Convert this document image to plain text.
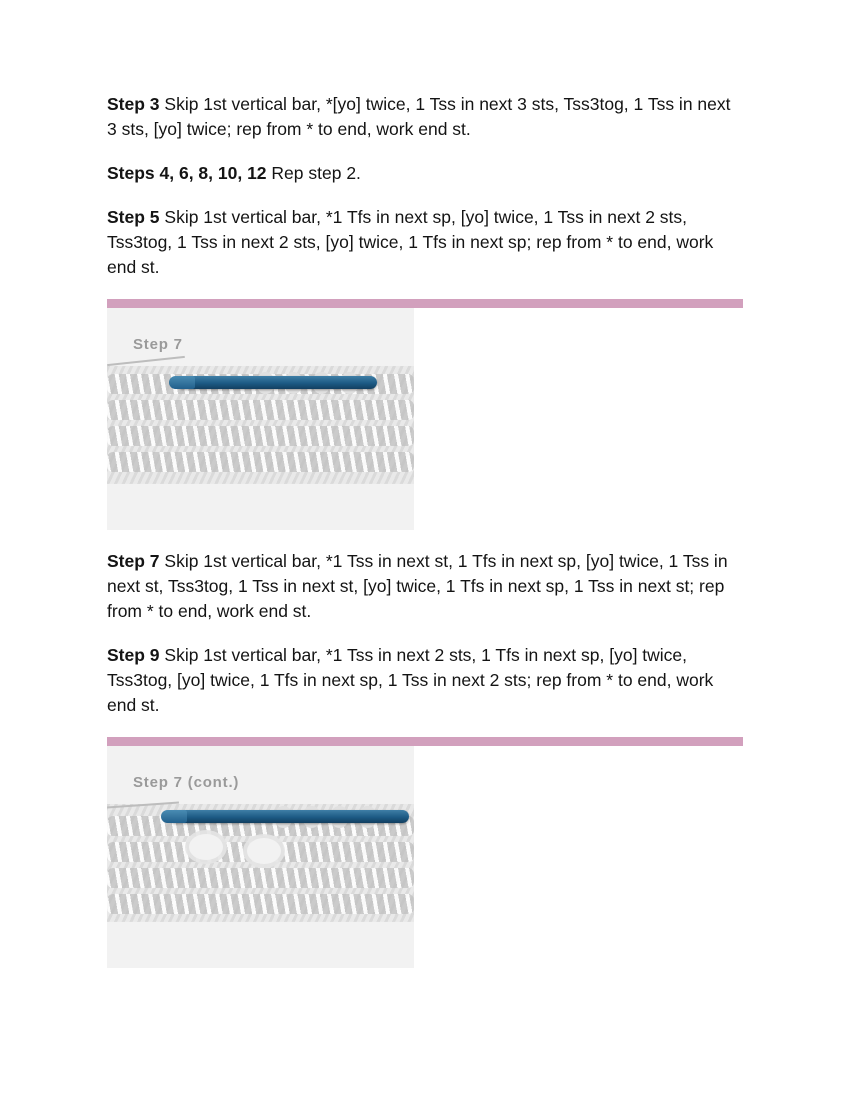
Step 3 Skip 1st vertical bar, *[yo] twice, 1 Tss in next 3 sts, Tss3tog, 1 Tss in next 3 sts, [yo] twice; rep from * to end, work end st.

Steps 4, 6, 8, 10, 12 Rep step 2.

Step 5 Skip 1st vertical bar, *1 Tfs in next sp, [yo] twice, 1 Tss in next 2 sts, Tss3tog, 1 Tss in next 2 sts, [yo] twice, 1 Tfs in next sp; rep from * to end, work end st.

Step 7

Step 7 Skip 1st vertical bar, *1 Tss in next st, 1 Tfs in next sp, [yo] twice, 1 Tss in next st, Tss3tog, 1 Tss in next st, [yo] twice, 1 Tfs in next sp, 1 Tss in next st; rep from * to end, work end st.

Step 9 Skip 1st vertical bar, *1 Tss in next 2 sts, 1 Tfs in next sp, [yo] twice, Tss3tog, [yo] twice, 1 Tfs in next sp, 1 Tss in next 2 sts; rep from * to end, work end st.

Step 7 (cont.)
